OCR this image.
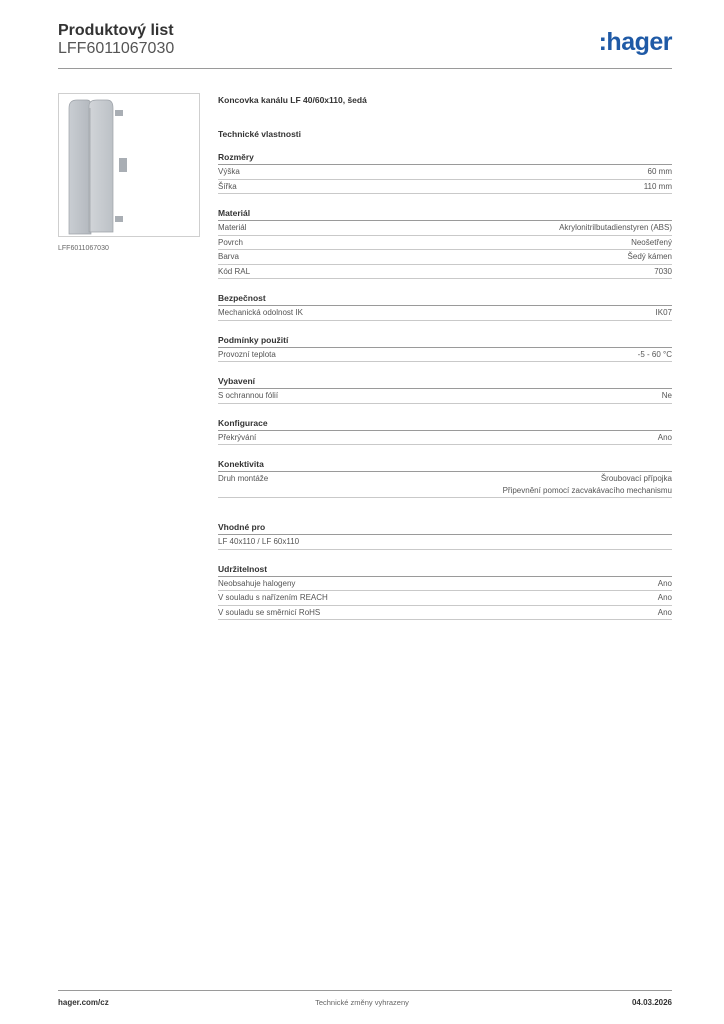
Produktový list
LFF6011067030	:hager
LFF6011067030
Koncovka kanálu LF 40/60x110, šedá
Technické vlastnosti
Rozměry
Výška	60 mm
Šířka	110 mm
Materiál
Materiál	Akrylonitrilbutadienstyren (ABS)
Povrch	Neošetřený
Barva	Šedý kámen
Kód RAL	7030
Bezpečnost
Mechanická odolnost IK	IK07
Podmínky použití
Provozní teplota	-5 - 60 °C
Vybavení
S ochrannou fólií	Ne
Konfigurace
Překrývání	Ano
Konektivita
Druh montáže	Šroubovací přípojka
Připevnění pomocí zacvakávacího mechanismu
Vhodné pro
LF 40x110 / LF 60x110
Udržitelnost
Neobsahuje halogeny	Ano
V souladu s nařízením REACH	Ano
V souladu se směrnicí RoHS	Ano
hager.com/cz	Technické změny vyhrazeny	04.03.2026
